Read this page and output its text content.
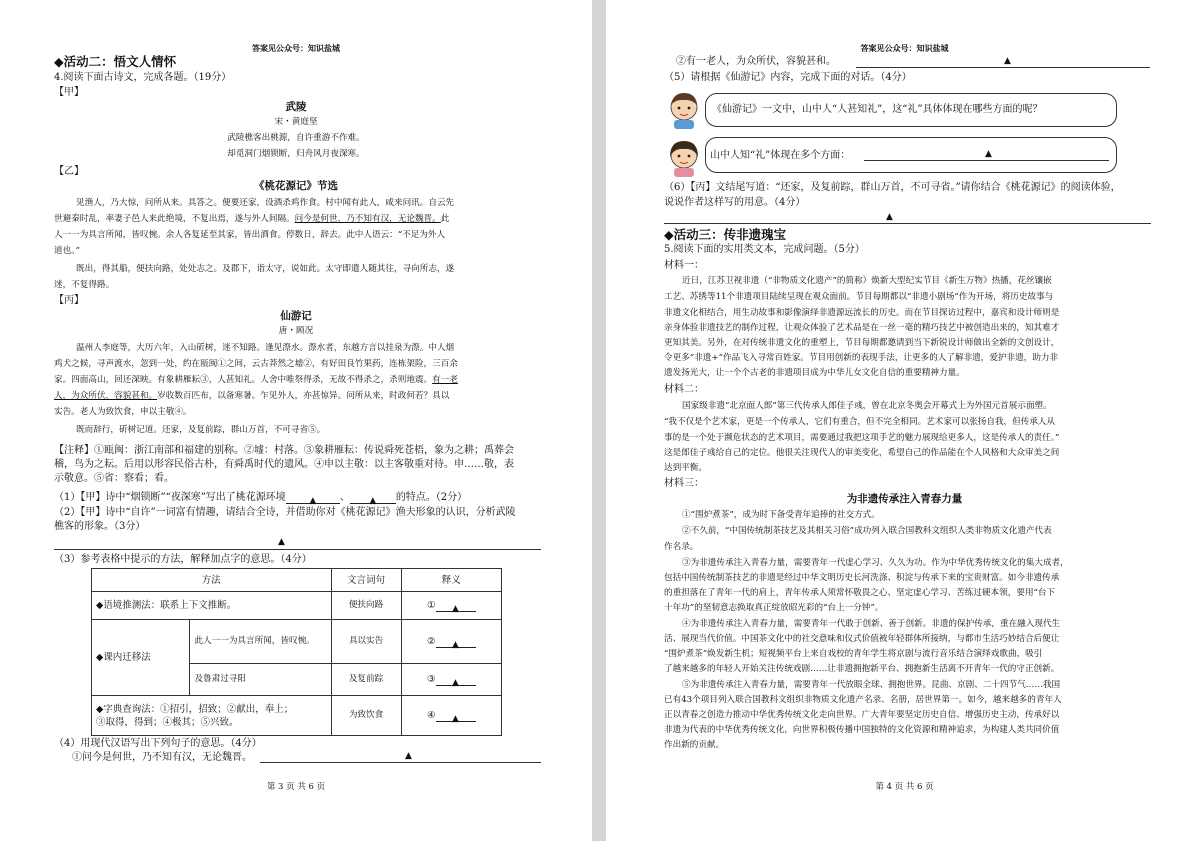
答案见公众号：知识盐城
◆活动二：悟文人情怀
4.阅读下面古诗文，完成各题。（19分）
【甲】
武陵
宋・黄庭坚
武陵樵客出桃源，自许重游不作难。
却觅洞门烟锁断，归舟风月夜深寒。
【乙】
《桃花源记》节选
见渔人，乃大惊，问所从来。具答之。便要还家，设酒杀鸡作食。村中闻有此人，咸来问讯。自云先
世避秦时乱，率妻子邑人来此绝境，不复出焉，遂与外人间隔。问今是何世，乃不知有汉，无论魏晋。此
人一一为具言所闻，皆叹惋。余人各复延至其家，皆出酒食。停数日，辞去。此中人语云：“不足为外人
道也。”
既出，得其船，便扶向路，处处志之。及郡下，诣太守，说如此。太守即遣人随其往，寻向所志，遂
迷，不复得路。
【丙】
仙游记
唐・顾况
温州人李庭等，大历六年，入山斫树，迷不知路。逢见漈水。漈水者，东越方言以挂泉为漈。中人烟
鸡犬之候，寻声渡水，忽到一处，约在瓯闽①之间，云古莽然之墟②，有好田良竹果药，连栋架险，三百余
家。四面高山，回还深映。有象耕雁耘③，人甚知礼。人舍中唯祭得杀，无故不得杀之，杀则地震。有一老
人，为众所伏，容貌甚和。岁收数百匹布，以备寒暑。乍见外人，亦甚惊异。问所从来，时政何若？具以
实告。老人为致饮食，申以主敬④。
既而辞行，斫树记道。还家，及复前踪，群山万首，不可寻省⑤。
【注释】①瓯闽：浙江南部和福建的别称。②墟：村落。③象耕雁耘：传说舜死苍梧，象为之耕；禹葬会
稽，鸟为之耘。后用以形容民俗古朴，有舜禹时代的遗风。④申以主敬：以主客敬重对待。申……敬，表
示敬意。⑤省：察看；看。
（1）【甲】诗中“烟锁断”“夜深寒”写出了桃花源环境	▲ 、 ▲ 的特点。（2分）
（2）【甲】诗中“自许”一词富有情趣，请结合全诗，并借助你对《桃花源记》渔夫形象的认识，分析武陵
樵客的形象。（3分）
▲
（3）参考表格中提示的方法，解释加点字的意思。（4分）
方法		文言词句	释义
◆语境推测法：联系上下文推断。		便扶向路	① ▲
◆课内迁移法	此人一一为具言所闻，皆叹惋。	具以实告	② ▲
	及鲁肃过寻阳	及复前踪	③ ▲

◆字典查询法：①招引，招致；②献出，奉上；
③取得，得到；④极其；⑤兴致。		为致饮食	④ ▲
（4）用现代汉语写出下列句子的意思。（4分）
①问今是何世，乃不知有汉，无论魏晋。	▲
第 3 页 共 6 页
答案见公众号：知识盐城
②有一老人，为众所伏，容貌甚和。	▲
（5）请根据《仙游记》内容，完成下面的对话。（4分）
《仙游记》一文中，山中人“人甚知礼”，这“礼”具体体现在哪些方面的呢？
山中人知“礼”体现在多个方面：	▲
（6）【丙】文结尾写道：“还家，及复前踪，群山万首，不可寻省。”请你结合《桃花源记》的阅读体验，
说说作者这样写的用意。（4分）
▲
◆活动三：传非遗瑰宝
5.阅读下面的实用类文本，完成问题。（5分）
材料一：
近日，江苏卫视非遗（“非物质文化遗产”的简称）焕新大型纪实节目《新生万物》热播，花丝镶嵌
工艺、苏绣等11个非遗项目陆续呈现在观众面前。节目每期都以“非遗小剧场”作为开场，将历史故事与
非遗文化相结合，用生动故事和影像演绎非遗源远流长的历史。而在节目探访过程中，嘉宾和设计师则是
亲身体验非遗技艺的制作过程，让观众体验了艺术品是在一丝一毫的精巧技艺中被创造出来的，知其难才
更知其美。另外，在对传统非遗文化的重塑上，节目每期都邀请到当下新锐设计师做出全新的文创设计，
令更多“非遗+”作品飞入寻常百姓家。节目用创新的表现手法，让更多的人了解非遗，爱护非遗，助力非
遗发扬光大，让一个个古老的非遗项目成为中华儿女文化自信的重要精神力量。
材料二：
国家级非遗“北京面人郎”第三代传承人郎佳子彧，曾在北京冬奥会开幕式上为外国元首展示面塑。
“我不仅是个艺术家，更是一个传承人，它们有重合，但不完全相同。艺术家可以张扬自我，但传承人从
事的是一个处于濒危状态的艺术项目，需要通过我把这项手艺的魅力展现给更多人，这是传承人的责任。”
这是郎佳子彧给自己的定位。他很关注现代人的审美变化，希望自己的作品能在个人风格和大众审美之间
达到平衡。
材料三：
为非遗传承注入青春力量
①“围炉煮茶”，成为时下备受青年追捧的社交方式。
②不久前，“中国传统制茶技艺及其相关习俗”成功列入联合国教科文组织人类非物质文化遗产代表
作名录。
③为非遗传承注入青春力量，需要青年一代虚心学习、久久为功。作为中华优秀传统文化的集大成者，
包括中国传统制茶技艺的非遗是经过中华文明历史长河洗涤、积淀与传承下来的宝贵财富。如今非遗传承
的重担落在了青年一代的肩上，青年传承人须常怀敬畏之心、坚定虚心学习、苦练过硬本领，要用“台下
十年功”的坚韧意志换取真正绽放昭光彩的“台上一分钟”。
④为非遗传承注入青春力量，需要青年一代敢于创新、善于创新。非遗的保护传承，重在融入现代生
活、展现当代价值。中国茶文化中的社交意味和仪式价值被年轻群体所接纳，与都市生活巧妙结合后便让
“围炉煮茶”焕发新生机；短视频平台上来自戏校的青年学生将京剧与流行音乐结合演绎戏歌曲，吸引
了越来越多的年轻人开始关注传统戏剧……让非遗拥抱新平台、拥抱新生活离不开青年一代的守正创新。
⑤为非遗传承注入青春力量，需要青年一代放眼全球、拥抱世界。昆曲、京剧、二十四节气……我国
已有43个项目列入联合国教科文组织非物质文化遗产名录、名册，居世界第一。如今，越来越多的青年人
正以青春之创造力推动中华优秀传统文化走向世界。广大青年要坚定历史自信、增强历史主动，传承好以
非遗为代表的中华优秀传统文化，向世界积极传播中国独特的文化资源和精神追求，为构建人类共同价值
作出新的贡献。
第 4 页 共 6 页
